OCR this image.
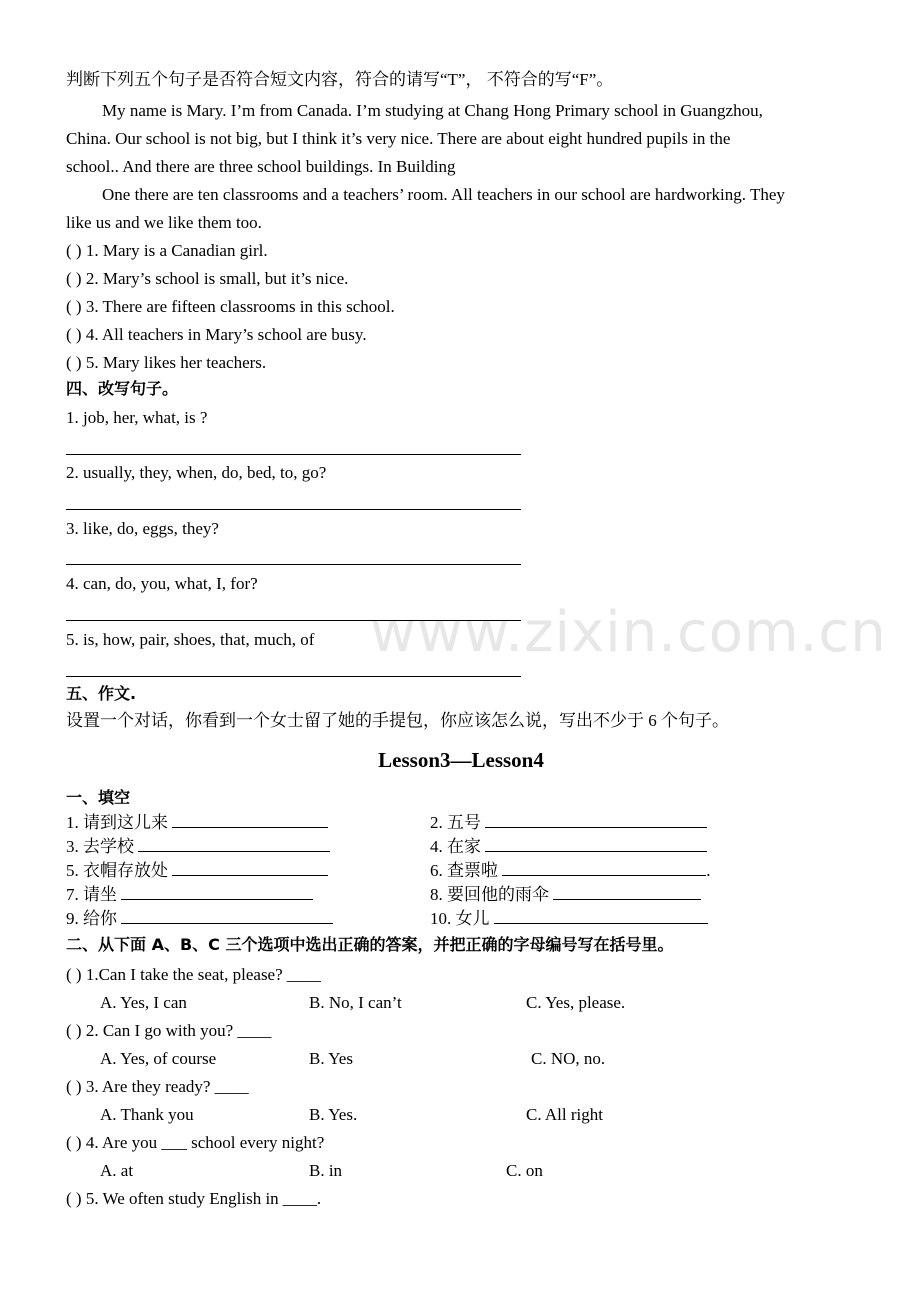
www.zixin.com.cn
判断下列五个句子是否符合短文内容，符合的请写“T”， 不符合的写“F”。
My name is Mary. I’m from Canada. I’m studying at Chang Hong Primary school in Guangzhou,
China. Our school is not big, but I think it’s very nice. There are about eight hundred pupils in the
school.. And there are three school buildings. In Building
One there are ten classrooms and a teachers’ room. All teachers in our school are hardworking. They
like us and we like them too.
( ) 1. Mary is a Canadian girl.
( ) 2. Mary’s school is small, but it’s nice.
( ) 3. There are fifteen classrooms in this school.
( ) 4. All teachers in Mary’s school are busy.
( ) 5. Mary likes her teachers.
四、改写句子。
1. job, her, what, is ?
2. usually, they, when, do, bed, to, go?
3. like, do, eggs, they?
4. can, do, you, what, I, for?
5. is, how, pair, shoes, that, much, of
五、作文.
设置一个对话，你看到一个女士留了她的手提包，你应该怎么说，写出不少于 6 个句子。
Lesson3—Lesson4
一、填空
1. 请到这儿来	2. 五号
3. 去学校	4. 在家
5. 衣帽存放处	6. 查票啦	.
7. 请坐	8. 要回他的雨伞
9. 给你	10. 女儿
二、从下面 A、B、C 三个选项中选出正确的答案，并把正确的字母编号写在括号里。
( ) 1.Can I take the seat, please? ____
A. Yes, I can	B. No, I can’t	C. Yes, please.
( ) 2. Can I go with you? ____
A. Yes, of course	B. Yes	C. NO, no.
( ) 3. Are they ready? ____
A. Thank you	B. Yes.	C. All right
( ) 4. Are you ___ school every night?
A. at	B. in	C. on
( ) 5. We often study English in ____.
